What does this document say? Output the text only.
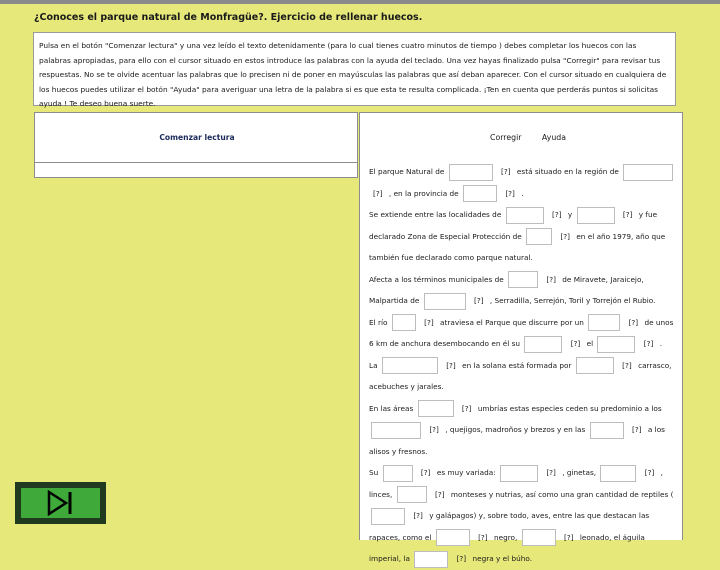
¿Conoces el parque natural de Monfragüe?. Ejercicio de rellenar huecos.
Pulsa en el botón "Comenzar lectura" y una vez leído el texto detenidamente (para lo cual tienes cuatro minutos de tiempo ) debes completar los huecos con las palabras apropiadas, para ello con el cursor situado en estos introduce las palabras con la ayuda del teclado. Una vez hayas finalizado pulsa "Corregir" para revisar tus respuestas. No se te olvide acentuar las palabras que lo precisen ni de poner en mayúsculas las palabras que así deban aparecer. Con el cursor situado en cualquiera de los huecos puedes utilizar el botón "Ayuda" para averiguar una letra de la palabra si es que esta te resulta complicada. ¡Ten en cuenta que perderás puntos si solicitas ayuda ! Te deseo buena suerte.
Comenzar lectura	Corregir	Ayuda
El parque Natural de	[?] está situado en la región de  [?] , en la provincia de	[?] .
Se extiende entre las localidades de	[?] y	[?] y fue declarado Zona de Especial Protección de	[?] en el año 1979, año que también fue declarado como parque natural.
Afecta a los términos municipales de	[?] de Miravete, Jaraicejo, Malpartida de	[?] , Serradilla, Serrejón, Toril y Torrejón el Rubio.
El río	[?] atraviesa el Parque que discurre por un	[?] de unos 6 km de anchura desembocando en él su	[?] el	[?] .
La	[?] en la solana está formada por	[?] carrasco, acebuches y jarales.
En las áreas	[?] umbrías estas especies ceden su predominio a los  [?] , quejigos, madroños y brezos y en las	[?] a los alisos y fresnos.
Su	[?] es muy variada:	[?] , ginetas,	[?] , linces,	[?] monteses y nutrias, así como una gran cantidad de reptiles (  [?] y galápagos) y, sobre todo, aves, entre las que destacan las rapaces, como el	[?] negro,	[?] leonado, el águila imperial, la	[?] negra y el búho.
